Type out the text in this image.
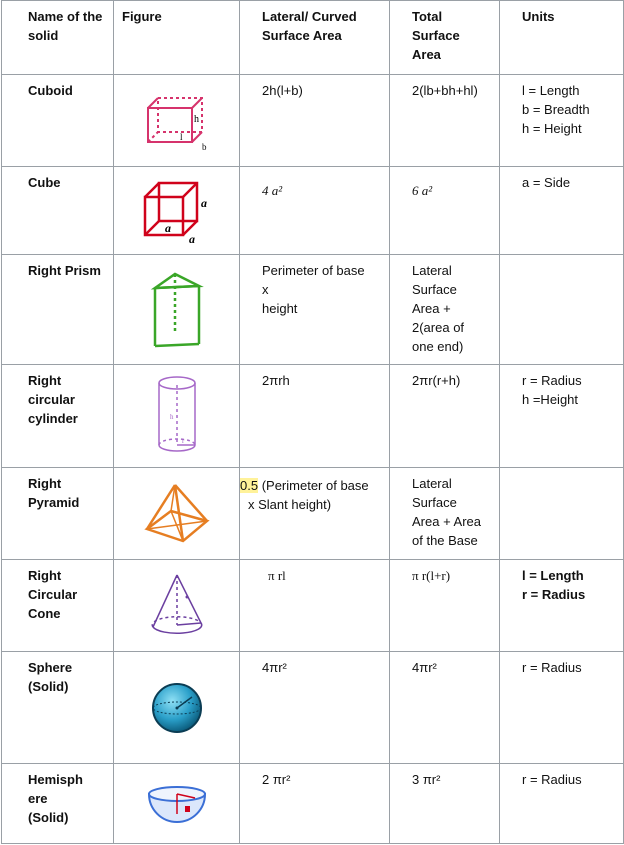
Name of the solid	Figure	Lateral/ Curved Surface Area	Total Surface Area	Units
Cuboid	h
l
b	2h(l+b)	2(lb+bh+hl)	l = Length
b = Breadth
h = Height

Cube	a
a
a	4 a²	6 a²	a = Side
Right Prism		Perimeter of base
x
height	Lateral
Surface
Area +
2(area of
one end)	

Right circular cylinder	h
r	2πrh	2πr(r+h)	r = Radius
h =Height

Right Pyramid		0.5 (Perimeter of base
x Slant height)	Lateral
Surface
Area + Area
of the Base	

Right Circular Cone		π rl	π r(l+r)	l = Length
r = Radius

Sphere (Solid)		4πr²	4πr²	r = Radius

Hemisph
ere
(Solid)		2 πr²	3 πr²	r = Radius
